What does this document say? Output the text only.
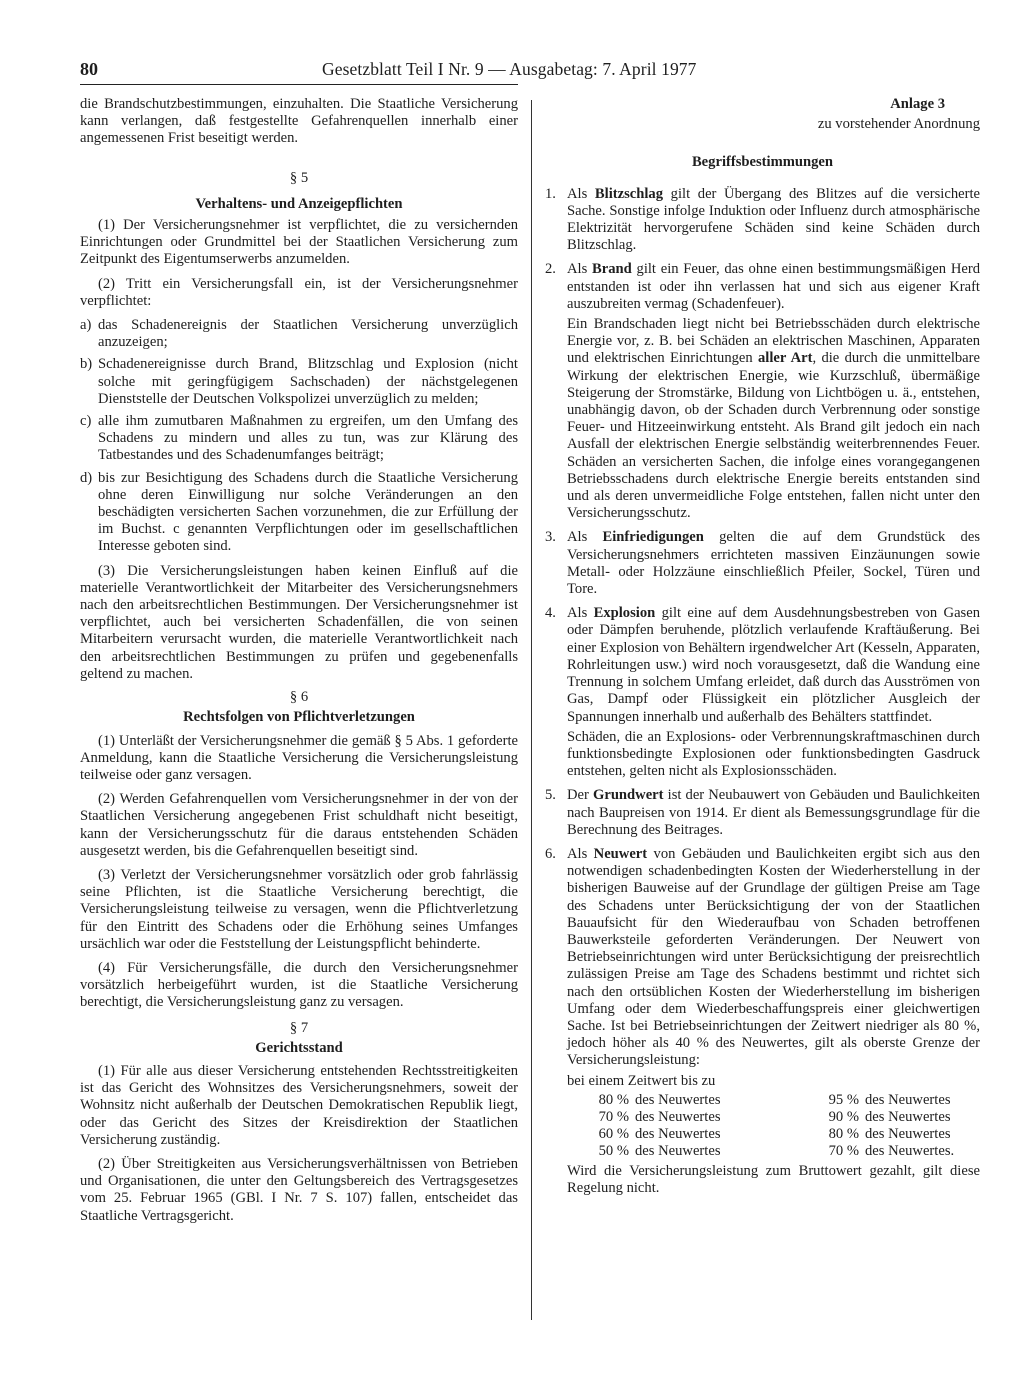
80	Gesetzblatt Teil I Nr. 9 — Ausgabetag: 7. April 1977

die Brandschutzbestimmungen, einzuhalten. Die Staatliche Versicherung kann verlangen, daß festgestellte Gefahrenquellen innerhalb einer angemessenen Frist beseitigt werden.

§ 5

Verhaltens- und Anzeigepflichten

(1) Der Versicherungsnehmer ist verpflichtet, die zu versichernden Einrichtungen oder Grundmittel bei der Staatlichen Versicherung zum Zeitpunkt des Eigentumserwerbs anzumelden.

(2) Tritt ein Versicherungsfall ein, ist der Versicherungsnehmer verpflichtet:

a) das Schadenereignis der Staatlichen Versicherung unverzüglich anzuzeigen;

b) Schadenereignisse durch Brand, Blitzschlag und Explosion (nicht solche mit geringfügigem Sachschaden) der nächstgelegenen Dienststelle der Deutschen Volkspolizei unverzüglich zu melden;

c) alle ihm zumutbaren Maßnahmen zu ergreifen, um den Umfang des Schadens zu mindern und alles zu tun, was zur Klärung des Tatbestandes und des Schadenumfanges beiträgt;

d) bis zur Besichtigung des Schadens durch die Staatliche Versicherung ohne deren Einwilligung nur solche Veränderungen an den beschädigten versicherten Sachen vorzunehmen, die zur Erfüllung der im Buchst. c genannten Verpflichtungen oder im gesellschaftlichen Interesse geboten sind.

(3) Die Versicherungsleistungen haben keinen Einfluß auf die materielle Verantwortlichkeit der Mitarbeiter des Versicherungsnehmers nach den arbeitsrechtlichen Bestimmungen. Der Versicherungsnehmer ist verpflichtet, auch bei versicherten Schadenfällen, die von seinen Mitarbeitern verursacht wurden, die materielle Verantwortlichkeit nach den arbeitsrechtlichen Bestimmungen zu prüfen und gegebenenfalls geltend zu machen.

§ 6

Rechtsfolgen von Pflichtverletzungen

(1) Unterläßt der Versicherungsnehmer die gemäß § 5 Abs. 1 geforderte Anmeldung, kann die Staatliche Versicherung die Versicherungsleistung teilweise oder ganz versagen.

(2) Werden Gefahrenquellen vom Versicherungsnehmer in der von der Staatlichen Versicherung angegebenen Frist schuldhaft nicht beseitigt, kann der Versicherungsschutz für die daraus entstehenden Schäden ausgesetzt werden, bis die Gefahrenquellen beseitigt sind.

(3) Verletzt der Versicherungsnehmer vorsätzlich oder grob fahrlässig seine Pflichten, ist die Staatliche Versicherung berechtigt, die Versicherungsleistung teilweise zu versagen, wenn die Pflichtverletzung für den Eintritt des Schadens oder die Erhöhung seines Umfanges ursächlich war oder die Feststellung der Leistungspflicht behinderte.

(4) Für Versicherungsfälle, die durch den Versicherungsnehmer vorsätzlich herbeigeführt wurden, ist die Staatliche Versicherung berechtigt, die Versicherungsleistung ganz zu versagen.

§ 7

Gerichtsstand

(1) Für alle aus dieser Versicherung entstehenden Rechtsstreitigkeiten ist das Gericht des Wohnsitzes des Versicherungsnehmers, soweit der Wohnsitz nicht außerhalb der Deutschen Demokratischen Republik liegt, oder das Gericht des Sitzes der Kreisdirektion der Staatlichen Versicherung zuständig.

(2) Über Streitigkeiten aus Versicherungsverhältnissen von Betrieben und Organisationen, die unter den Geltungsbereich des Vertragsgesetzes vom 25. Februar 1965 (GBl. I Nr. 7 S. 107) fallen, entscheidet das Staatliche Vertragsgericht.

Anlage 3

zu vorstehender Anordnung

Begriffsbestimmungen

1. Als Blitzschlag gilt der Übergang des Blitzes auf die versicherte Sache. Sonstige infolge Induktion oder Influenz durch atmosphärische Elektrizität hervorgerufene Schäden sind keine Schäden durch Blitzschlag.

2. Als Brand gilt ein Feuer, das ohne einen bestimmungsmäßigen Herd entstanden ist oder ihn verlassen hat und sich aus eigener Kraft auszubreiten vermag (Schadenfeuer).

Ein Brandschaden liegt nicht bei Betriebsschäden durch elektrische Energie vor, z. B. bei Schäden an elektrischen Maschinen, Apparaten und elektrischen Einrichtungen aller Art, die durch die unmittelbare Wirkung der elektrischen Energie, wie Kurzschluß, übermäßige Steigerung der Stromstärke, Bildung von Lichtbögen u. ä., entstehen, unabhängig davon, ob der Schaden durch Verbrennung oder sonstige Feuer- und Hitzeeinwirkung entsteht. Als Brand gilt jedoch ein nach Ausfall der elektrischen Energie selbständig weiterbrennendes Feuer. Schäden an versicherten Sachen, die infolge eines vorangegangenen Betriebsschadens durch elektrische Energie bereits entstanden sind und als deren unvermeidliche Folge entstehen, fallen nicht unter den Versicherungsschutz.

3. Als Einfriedigungen gelten die auf dem Grundstück des Versicherungsnehmers errichteten massiven Einzäunungen sowie Metall- oder Holzzäune einschließlich Pfeiler, Sockel, Türen und Tore.

4. Als Explosion gilt eine auf dem Ausdehnungsbestreben von Gasen oder Dämpfen beruhende, plötzlich verlaufende Kraftäußerung. Bei einer Explosion von Behältern irgendwelcher Art (Kesseln, Apparaten, Rohrleitungen usw.) wird noch vorausgesetzt, daß die Wandung eine Trennung in solchem Umfang erleidet, daß durch das Ausströmen von Gas, Dampf oder Flüssigkeit ein plötzlicher Ausgleich der Spannungen innerhalb und außerhalb des Behälters stattfindet.

Schäden, die an Explosions- oder Verbrennungskraftmaschinen durch funktionsbedingte Explosionen oder funktionsbedingten Gasdruck entstehen, gelten nicht als Explosionsschäden.

5. Der Grundwert ist der Neubauwert von Gebäuden und Baulichkeiten nach Baupreisen von 1914. Er dient als Bemessungsgrundlage für die Berechnung des Beitrages.

6. Als Neuwert von Gebäuden und Baulichkeiten ergibt sich aus den notwendigen schadenbedingten Kosten der Wiederherstellung in der bisherigen Bauweise auf der Grundlage der gültigen Preise am Tage des Schadens unter Berücksichtigung der von der Staatlichen Bauaufsicht für den Wiederaufbau von Schaden betroffenen Bauwerksteile geforderten Veränderungen. Der Neuwert von Betriebseinrichtungen wird unter Berücksichtigung der preisrechtlich zulässigen Preise am Tage des Schadens bestimmt und richtet sich nach den ortsüblichen Kosten der Wiederherstellung im bisherigen Umfang oder dem Wiederbeschaffungspreis einer gleichwertigen Sache. Ist bei Betriebseinrichtungen der Zeitwert niedriger als 80 %, jedoch höher als 40 % des Neuwertes, gilt als oberste Grenze der Versicherungsleistung:

bei einem Zeitwert bis zu

80 % des Neuwertes	95 % des Neuwertes
70 % des Neuwertes	90 % des Neuwertes
60 % des Neuwertes	80 % des Neuwertes
50 % des Neuwertes	70 % des Neuwertes.

Wird die Versicherungsleistung zum Bruttowert gezahlt, gilt diese Regelung nicht.
